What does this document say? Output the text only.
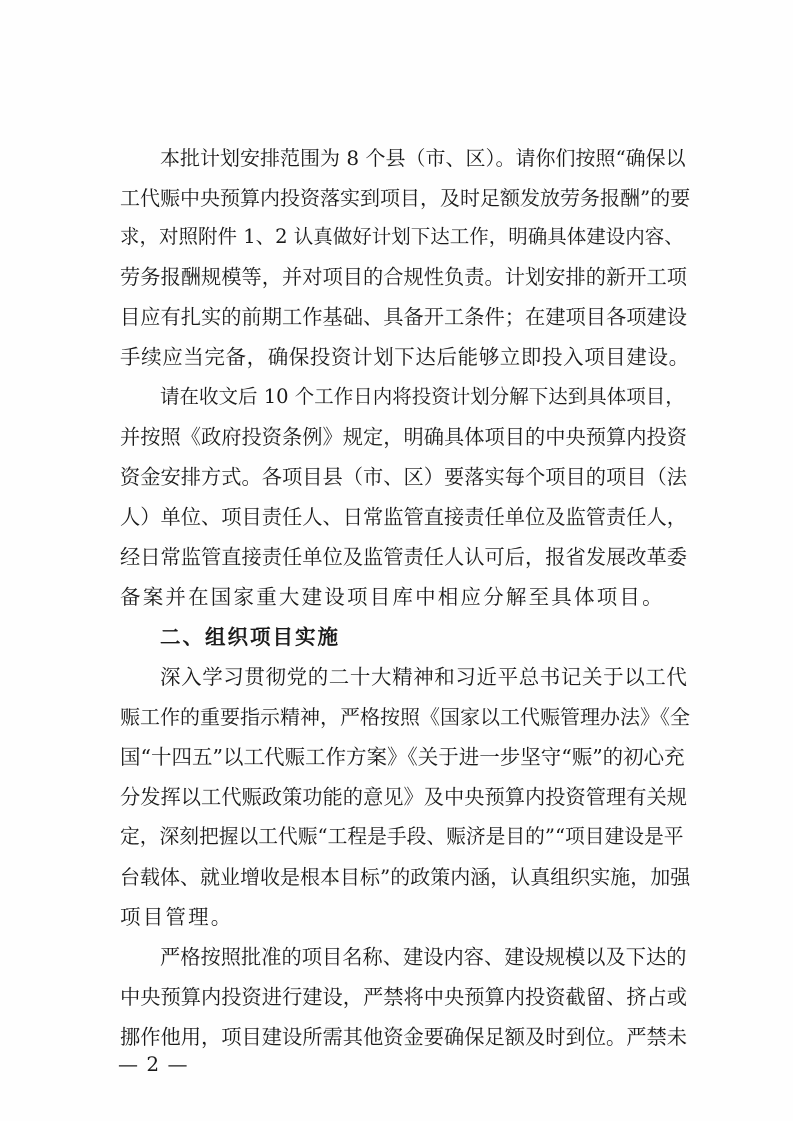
本批计划安排范围为 8 个县（市、区）。请你们按照“确保以
工代赈中央预算内投资落实到项目，及时足额发放劳务报酬”的要
求，对照附件 1、2 认真做好计划下达工作，明确具体建设内容、
劳务报酬规模等，并对项目的合规性负责。计划安排的新开工项
目应有扎实的前期工作基础、具备开工条件；在建项目各项建设
手续应当完备，确保投资计划下达后能够立即投入项目建设。
请在收文后 10 个工作日内将投资计划分解下达到具体项目，
并按照《政府投资条例》规定，明确具体项目的中央预算内投资
资金安排方式。各项目县（市、区）要落实每个项目的项目（法
人）单位、项目责任人、日常监管直接责任单位及监管责任人，
经日常监管直接责任单位及监管责任人认可后，报省发展改革委
备案并在国家重大建设项目库中相应分解至具体项目。
二、组织项目实施
深入学习贯彻党的二十大精神和习近平总书记关于以工代
赈工作的重要指示精神，严格按照《国家以工代赈管理办法》《全
国“十四五”以工代赈工作方案》《关于进一步坚守“赈”的初心充
分发挥以工代赈政策功能的意见》及中央预算内投资管理有关规
定，深刻把握以工代赈“工程是手段、赈济是目的”“项目建设是平
台载体、就业增收是根本目标”的政策内涵，认真组织实施，加强
项目管理。
严格按照批准的项目名称、建设内容、建设规模以及下达的
中央预算内投资进行建设，严禁将中央预算内投资截留、挤占或
挪作他用，项目建设所需其他资金要确保足额及时到位。严禁未
— 2 —
